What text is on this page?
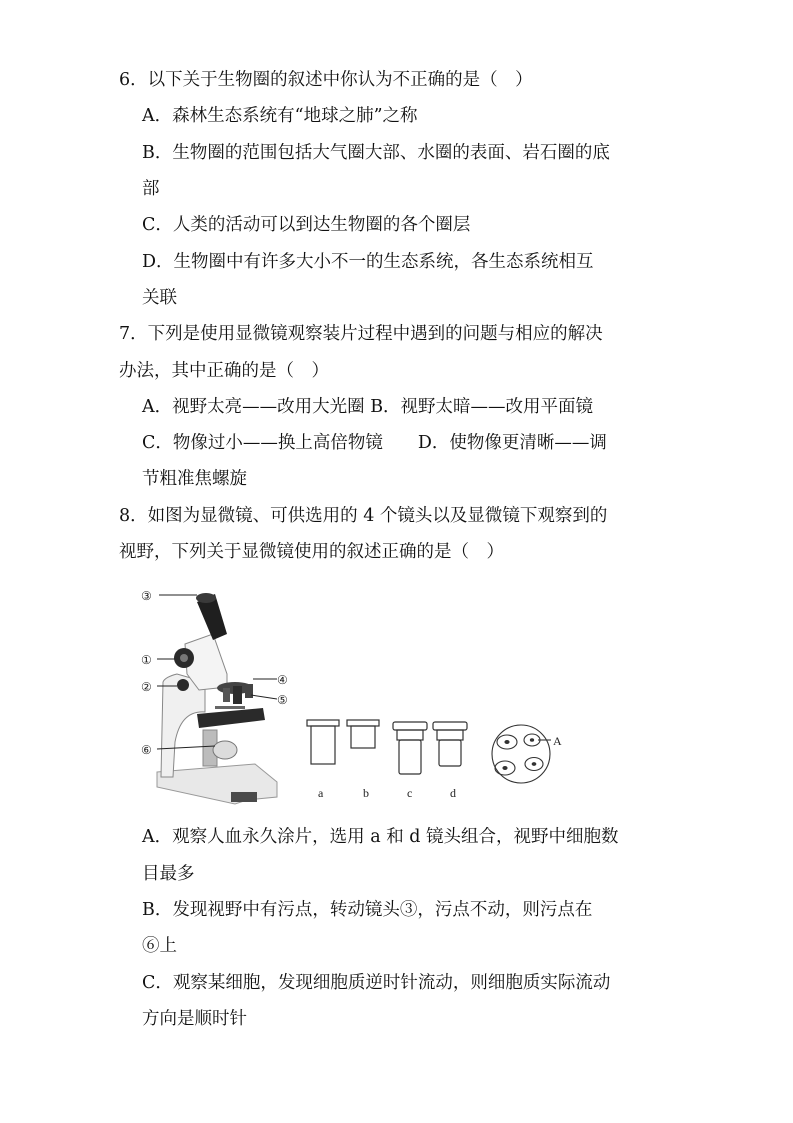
6．以下关于生物圈的叙述中你认为不正确的是（　）
A．森林生态系统有“地球之肺”之称
B．生物圈的范围包括大气圈大部、水圈的表面、岩石圈的底
部
C．人类的活动可以到达生物圈的各个圈层
D．生物圈中有许多大小不一的生态系统，各生态系统相互
关联
7．下列是使用显微镜观察装片过程中遇到的问题与相应的解决
办法，其中正确的是（　）
A．视野太亮——改用大光圈 B．视野太暗——改用平面镜
C．物像过小——换上高倍物镜　　D．使物像更清晰——调
节粗准焦螺旋
8．如图为显微镜、可供选用的 4 个镜头以及显微镜下观察到的
视野，下列关于显微镜使用的叙述正确的是（　）
③
①
②	④
⑤
⑥
a	b	c	d
A
A．观察人血永久涂片，选用 a 和 d 镜头组合，视野中细胞数
目最多
B．发现视野中有污点，转动镜头③，污点不动，则污点在
⑥上
C．观察某细胞，发现细胞质逆时针流动，则细胞质实际流动
方向是顺时针
